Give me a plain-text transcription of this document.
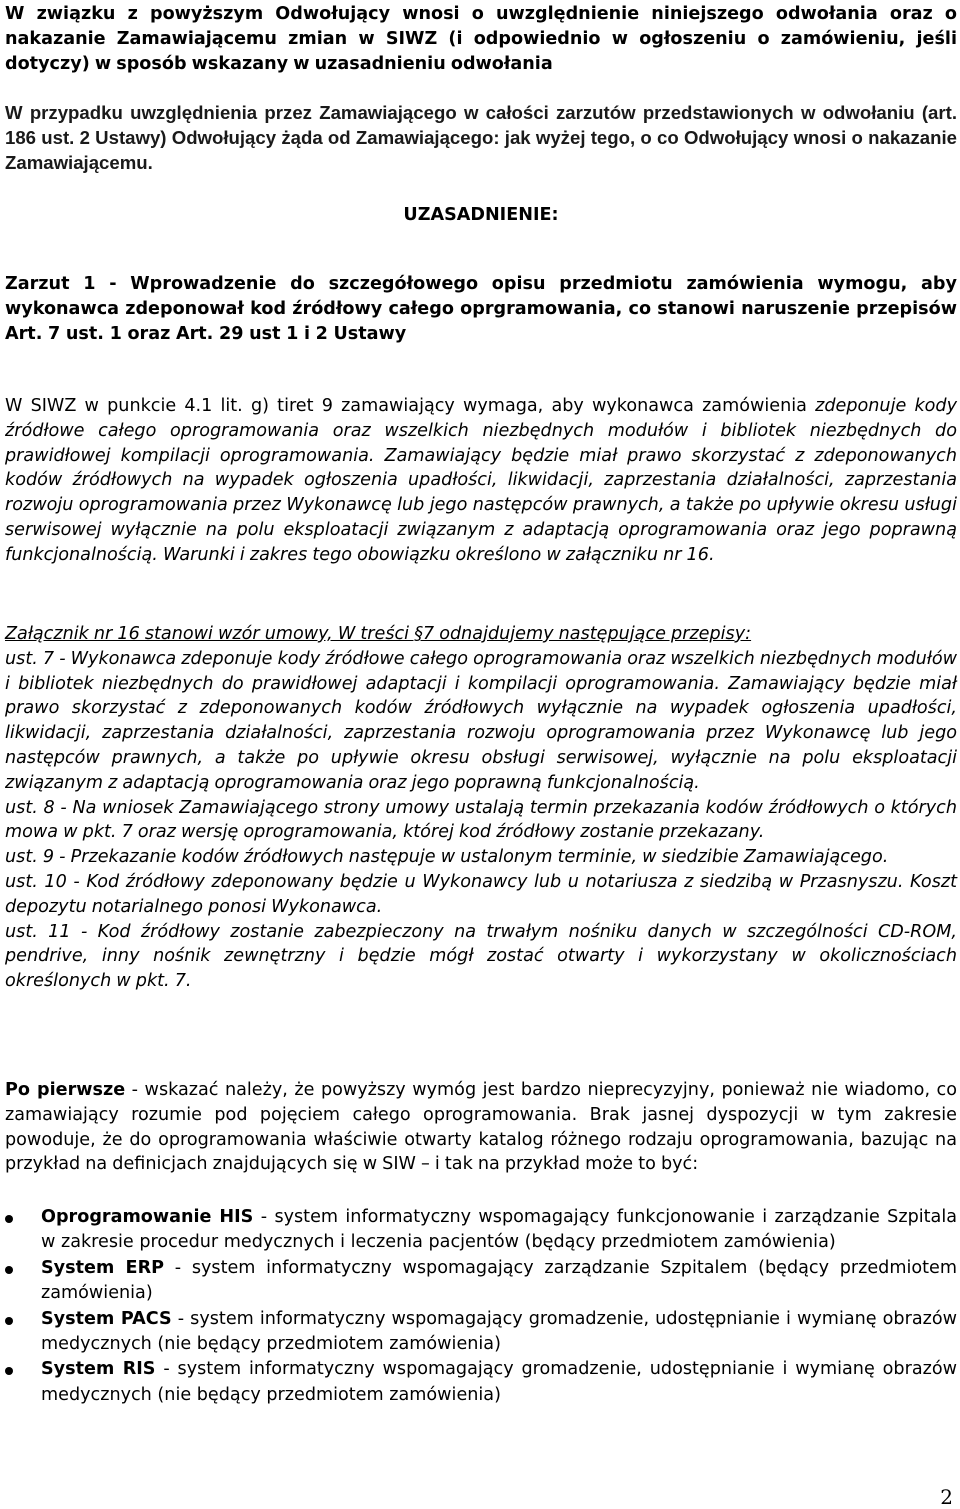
W związku z powyższym Odwołujący wnosi o uwzględnienie niniejszego odwołania oraz o nakazanie Zamawiającemu zmian w SIWZ (i odpowiednio w ogłoszeniu o zamówieniu, jeśli dotyczy) w sposób wskazany w uzasadnieniu odwołania

W przypadku uwzględnienia przez Zamawiającego w całości zarzutów przedstawionych w odwołaniu (art. 186 ust. 2 Ustawy) Odwołujący żąda od Zamawiającego: jak wyżej tego, o co Odwołujący wnosi o nakazanie Zamawiającemu.

UZASADNIENIE:

Zarzut 1 - Wprowadzenie do szczegółowego opisu przedmiotu zamówienia wymogu, aby wykonawca zdeponował kod źródłowy całego oprgramowania, co stanowi naruszenie przepisów Art. 7 ust. 1 oraz Art. 29 ust 1 i 2 Ustawy

W SIWZ w punkcie 4.1 lit. g) tiret 9 zamawiający wymaga, aby wykonawca zamówienia zdeponuje kody źródłowe całego oprogramowania oraz wszelkich niezbędnych modułów i bibliotek niezbędnych do prawidłowej kompilacji oprogramowania. Zamawiający będzie miał prawo skorzystać z zdeponowanych kodów źródłowych na wypadek ogłoszenia upadłości, likwidacji, zaprzestania działalności, zaprzestania rozwoju oprogramowania przez Wykonawcę lub jego następców prawnych, a także po upływie okresu usługi serwisowej wyłącznie na polu eksploatacji związanym z adaptacją oprogramowania oraz jego poprawną funkcjonalnością. Warunki i zakres tego obowiązku określono w załączniku nr 16.

Załącznik nr 16 stanowi wzór umowy, W treści §7 odnajdujemy następujące przepisy:
ust. 7 - Wykonawca zdeponuje kody źródłowe całego oprogramowania oraz wszelkich niezbędnych modułów i bibliotek niezbędnych do prawidłowej adaptacji i kompilacji oprogramowania. Zamawiający będzie miał prawo skorzystać z zdeponowanych kodów źródłowych wyłącznie na wypadek ogłoszenia upadłości, likwidacji, zaprzestania działalności, zaprzestania rozwoju oprogramowania przez Wykonawcę lub jego następców prawnych, a także po upływie okresu obsługi serwisowej, wyłącznie na polu eksploatacji związanym z adaptacją oprogramowania oraz jego poprawną funkcjonalnością.
ust. 8 - Na wniosek Zamawiającego strony umowy ustalają termin przekazania kodów źródłowych o których mowa w pkt. 7 oraz wersję oprogramowania, której kod źródłowy zostanie przekazany.
ust. 9 - Przekazanie kodów źródłowych następuje w ustalonym terminie, w siedzibie Zamawiającego.
ust. 10 - Kod źródłowy zdeponowany będzie u Wykonawcy lub u notariusza z siedzibą w Przasnyszu. Koszt depozytu notarialnego ponosi Wykonawca.
ust. 11 - Kod źródłowy zostanie zabezpieczony na trwałym nośniku danych w szczególności CD-ROM, pendrive, inny nośnik zewnętrzny i będzie mógł zostać otwarty i wykorzystany w okolicznościach określonych w pkt. 7.

Po pierwsze - wskazać należy, że powyższy wymóg jest bardzo nieprecyzyjny, ponieważ nie wiadomo, co zamawiający rozumie pod pojęciem całego oprogramowania. Brak jasnej dyspozycji w tym zakresie powoduje, że do oprogramowania właściwie otwarty katalog różnego rodzaju oprogramowania, bazując na przykład na definicjach znajdujących się w SIW – i tak na przykład może to być:

Oprogramowanie HIS - system informatyczny wspomagający funkcjonowanie i zarządzanie Szpitala w zakresie procedur medycznych i leczenia pacjentów (będący przedmiotem zamówienia)
System ERP - system informatyczny wspomagający zarządzanie Szpitalem (będący przedmiotem zamówienia)
System PACS - system informatyczny wspomagający gromadzenie, udostępnianie i wymianę obrazów medycznych (nie będący przedmiotem zamówienia)
System RIS - system informatyczny wspomagający gromadzenie, udostępnianie i wymianę obrazów medycznych (nie będący przedmiotem zamówienia)
2
